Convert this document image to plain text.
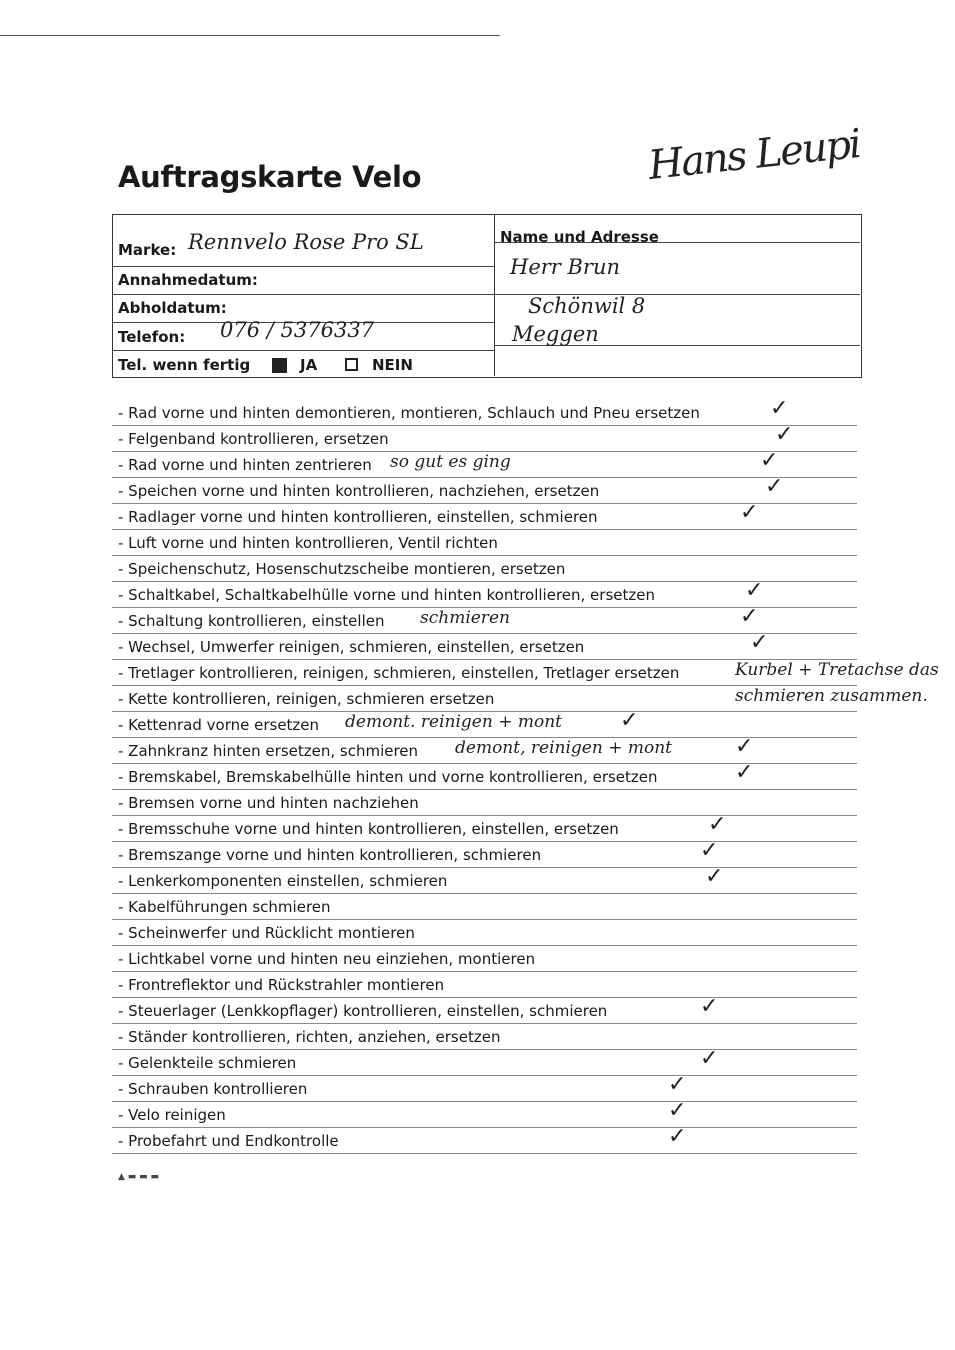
Auftragskarte Velo	Hans Leupi
Marke: Rennvelo Rose Pro SL
Annahmedatum:
Abholdatum:
Telefon: 076 / 5376337
Tel. wenn fertig	JA	NEIN
Name und Adresse
Herr Brun
Schönwil 8
Meggen
- Rad vorne und hinten demontieren, montieren, Schlauch und Pneu ersetzen	✓
- Felgenband kontrollieren, ersetzen	✓
- Rad vorne und hinten zentrieren so gut es ging	✓
- Speichen vorne und hinten kontrollieren, nachziehen, ersetzen	✓
- Radlager vorne und hinten kontrollieren, einstellen, schmieren	✓
- Luft vorne und hinten kontrollieren, Ventil richten
- Speichenschutz, Hosenschutzscheibe montieren, ersetzen
- Schaltkabel, Schaltkabelhülle vorne und hinten kontrollieren, ersetzen	✓
- Schaltung kontrollieren, einstellen schmieren	✓
- Wechsel, Umwerfer reinigen, schmieren, einstellen, ersetzen	✓
- Tretlager kontrollieren, reinigen, schmieren, einstellen, Tretlager ersetzen	Kurbel + Tretachse das
- Kette kontrollieren, reinigen, schmieren ersetzen	schmieren zusammen.
- Kettenrad vorne ersetzen demont. reinigen + mont	✓
- Zahnkranz hinten ersetzen, schmieren demont, reinigen + mont	✓
- Bremskabel, Bremskabelhülle hinten und vorne kontrollieren, ersetzen	✓
- Bremsen vorne und hinten nachziehen
- Bremsschuhe vorne und hinten kontrollieren, einstellen, ersetzen	✓
- Bremszange vorne und hinten kontrollieren, schmieren	✓
- Lenkerkomponenten einstellen, schmieren	✓
- Kabelführungen schmieren
- Scheinwerfer und Rücklicht montieren
- Lichtkabel vorne und hinten neu einziehen, montieren
- Frontreflektor und Rückstrahler montieren
- Steuerlager (Lenkkopflager) kontrollieren, einstellen, schmieren	✓
- Ständer kontrollieren, richten, anziehen, ersetzen
- Gelenkteile schmieren	✓
- Schrauben kontrollieren	✓
- Velo reinigen	✓
- Probefahrt und Endkontrolle	✓
▲ ▬ ▬ ▬
